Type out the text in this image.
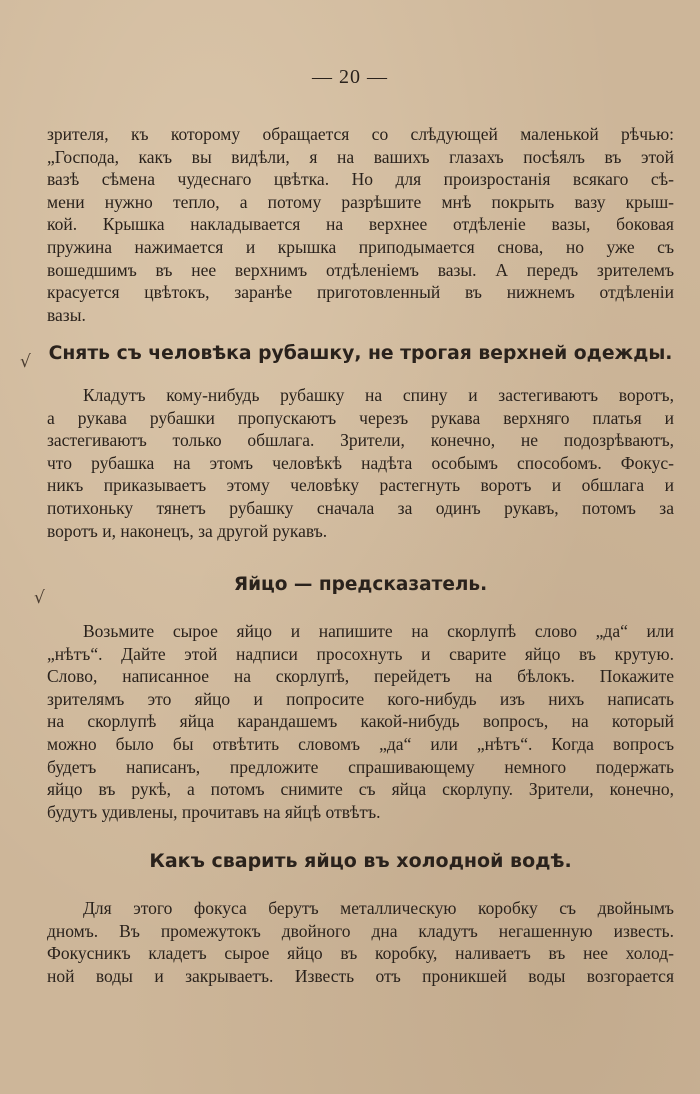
— 20 —
зрителя, къ которому обращается со слѣдующей маленькой рѣчью:
„Господа, какъ вы видѣли, я на вашихъ глазахъ посѣялъ въ этой
вазѣ сѣмена чудеснаго цвѣтка. Но для произростанія всякаго сѣ-
мени нужно тепло, а потому разрѣшите мнѣ покрыть вазу крыш-
кой. Крышка накладывается на верхнее отдѣленіе вазы, боковая
пружина нажимается и крышка приподымается снова, но уже съ
вошедшимъ въ нее верхнимъ отдѣленіемъ вазы. А передъ зрителемъ
красуется цвѣтокъ, заранѣе приготовленный въ нижнемъ отдѣленіи
вазы.
√ Снять съ человѣка рубашку, не трогая верхней одежды.
Кладутъ кому-нибудь рубашку на спину и застегиваютъ воротъ,
а рукава рубашки пропускаютъ черезъ рукава верхняго платья и
застегиваютъ только обшлага. Зрители, конечно, не подозрѣваютъ,
что рубашка на этомъ человѣкѣ надѣта особымъ способомъ. Фокус-
никъ приказываетъ этому человѣку растегнуть воротъ и обшлага и
потихоньку тянетъ рубашку сначала за одинъ рукавъ, потомъ за
воротъ и, наконецъ, за другой рукавъ.
√
Яйцо — предсказатель.
Возьмите сырое яйцо и напишите на скорлупѣ слово „да“ или
„нѣтъ“. Дайте этой надписи просохнуть и сварите яйцо въ крутую.
Слово, написанное на скорлупѣ, перейдетъ на бѣлокъ. Покажите
зрителямъ это яйцо и попросите кого-нибудь изъ нихъ написать
на скорлупѣ яйца карандашемъ какой-нибудь вопросъ, на который
можно было бы отвѣтить словомъ „да“ или „нѣтъ“. Когда вопросъ
будетъ написанъ, предложите спрашивающему немного подержать
яйцо въ рукѣ, а потомъ снимите съ яйца скорлупу. Зрители, конечно,
будутъ удивлены, прочитавъ на яйцѣ отвѣтъ.
Какъ сварить яйцо въ холодной водѣ.
Для этого фокуса берутъ металлическую коробку съ двойнымъ
дномъ. Въ промежутокъ двойного дна кладутъ негашенную известь.
Фокусникъ кладетъ сырое яйцо въ коробку, наливаетъ въ нее холод-
ной воды и закрываетъ. Известь отъ проникшей воды возгорается
